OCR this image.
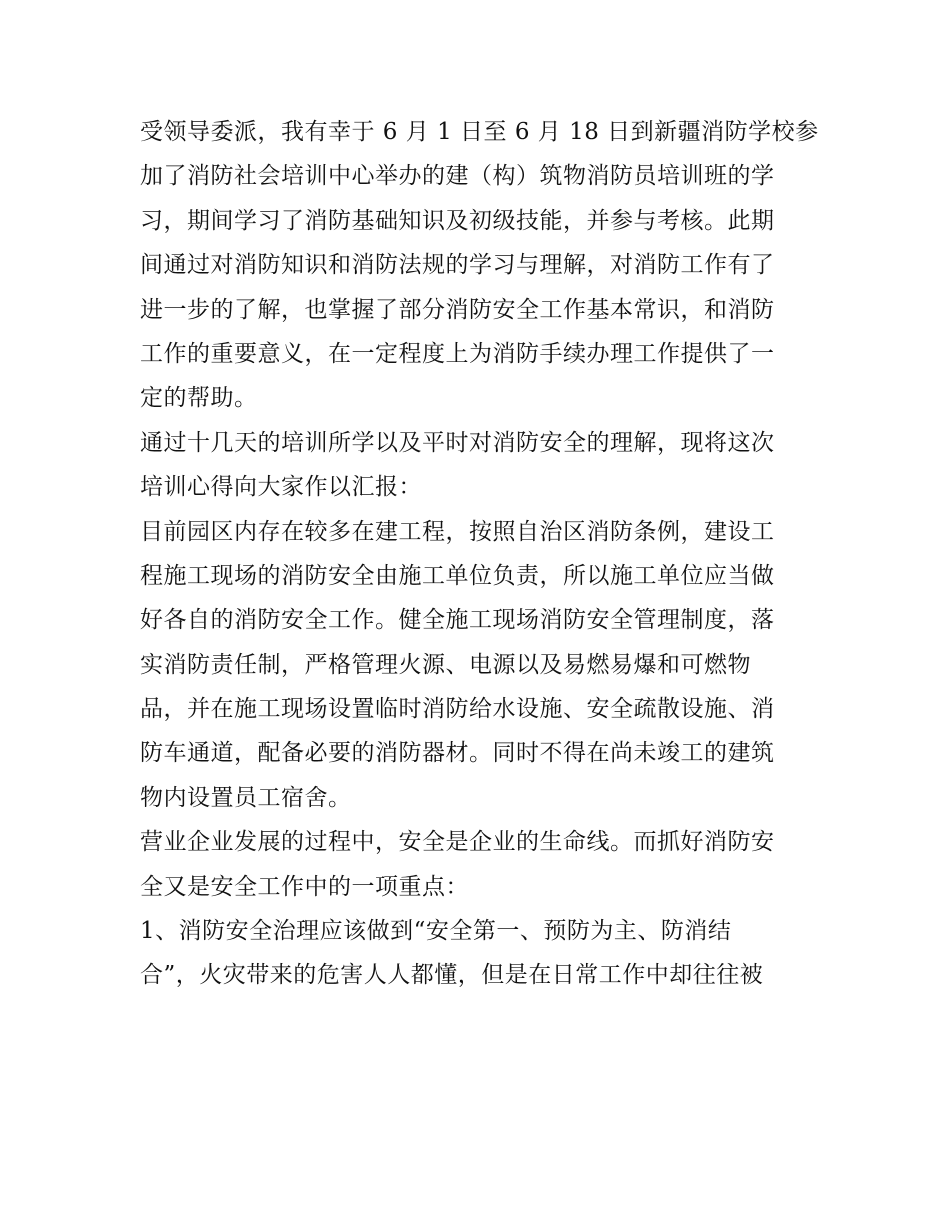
受领导委派，我有幸于 6 月 1 日至 6 月 18 日到新疆消防学校参
加了消防社会培训中心举办的建（构）筑物消防员培训班的学
习，期间学习了消防基础知识及初级技能，并参与考核。此期
间通过对消防知识和消防法规的学习与理解，对消防工作有了
进一步的了解，也掌握了部分消防安全工作基本常识，和消防
工作的重要意义，在一定程度上为消防手续办理工作提供了一
定的帮助。
通过十几天的培训所学以及平时对消防安全的理解，现将这次
培训心得向大家作以汇报：
目前园区内存在较多在建工程，按照自治区消防条例，建设工
程施工现场的消防安全由施工单位负责，所以施工单位应当做
好各自的消防安全工作。健全施工现场消防安全管理制度，落
实消防责任制，严格管理火源、电源以及易燃易爆和可燃物
品，并在施工现场设置临时消防给水设施、安全疏散设施、消
防车通道，配备必要的消防器材。同时不得在尚未竣工的建筑
物内设置员工宿舍。
营业企业发展的过程中，安全是企业的生命线。而抓好消防安
全又是安全工作中的一项重点：
1、消防安全治理应该做到“安全第一、预防为主、防消结
合”，火灾带来的危害人人都懂，但是在日常工作中却往往被
